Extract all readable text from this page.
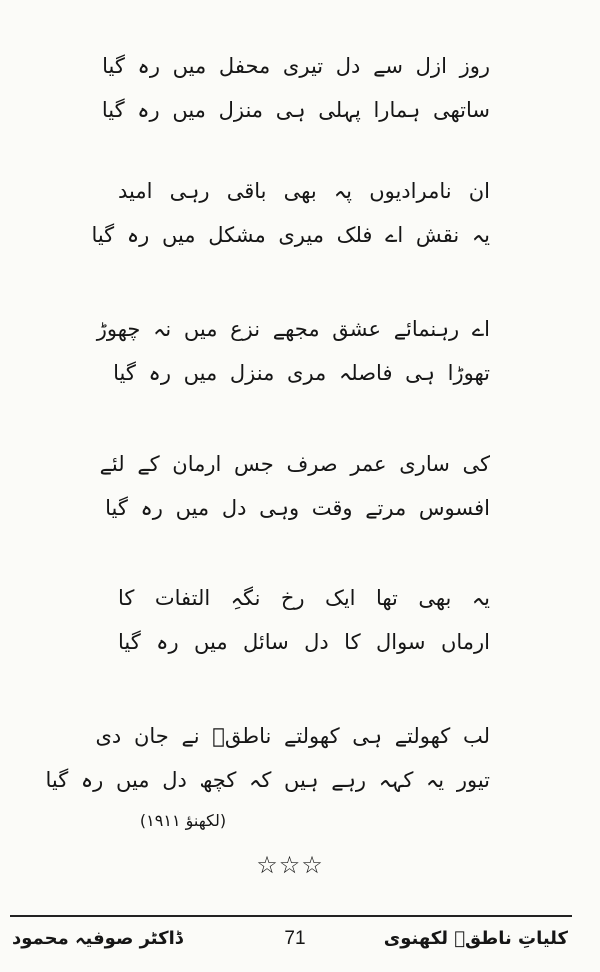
روز ازل سے دل تیری محفل میں رہ گیا
ساتھی ہمارا پہلی ہی منزل میں رہ گیا
ان نامرادیوں پہ بھی باقی رہی امید
یہ نقش اے فلک میری مشکل میں رہ گیا
اے رہنمائے عشق مجھے نزع میں نہ چھوڑ
تھوڑا ہی فاصلہ مری منزل میں رہ گیا
کی ساری عمر صرف جس ارمان کے لئے
افسوس مرتے وقت وہی دل میں رہ گیا
یہ بھی تھا ایک رخ نگہِ التفات کا
ارماں سوال کا دل سائل میں رہ گیا
لب کھولتے ہی کھولتے ناطقؔ نے جان دی
تیور یہ کہہ رہے ہیں کہ کچھ دل میں رہ گیا
(لکھنؤ ۱۹۱۱)
☆☆☆
ڈاکٹر صوفیہ محمود	71	کلیاتِ ناطقؔ لکھنوی
